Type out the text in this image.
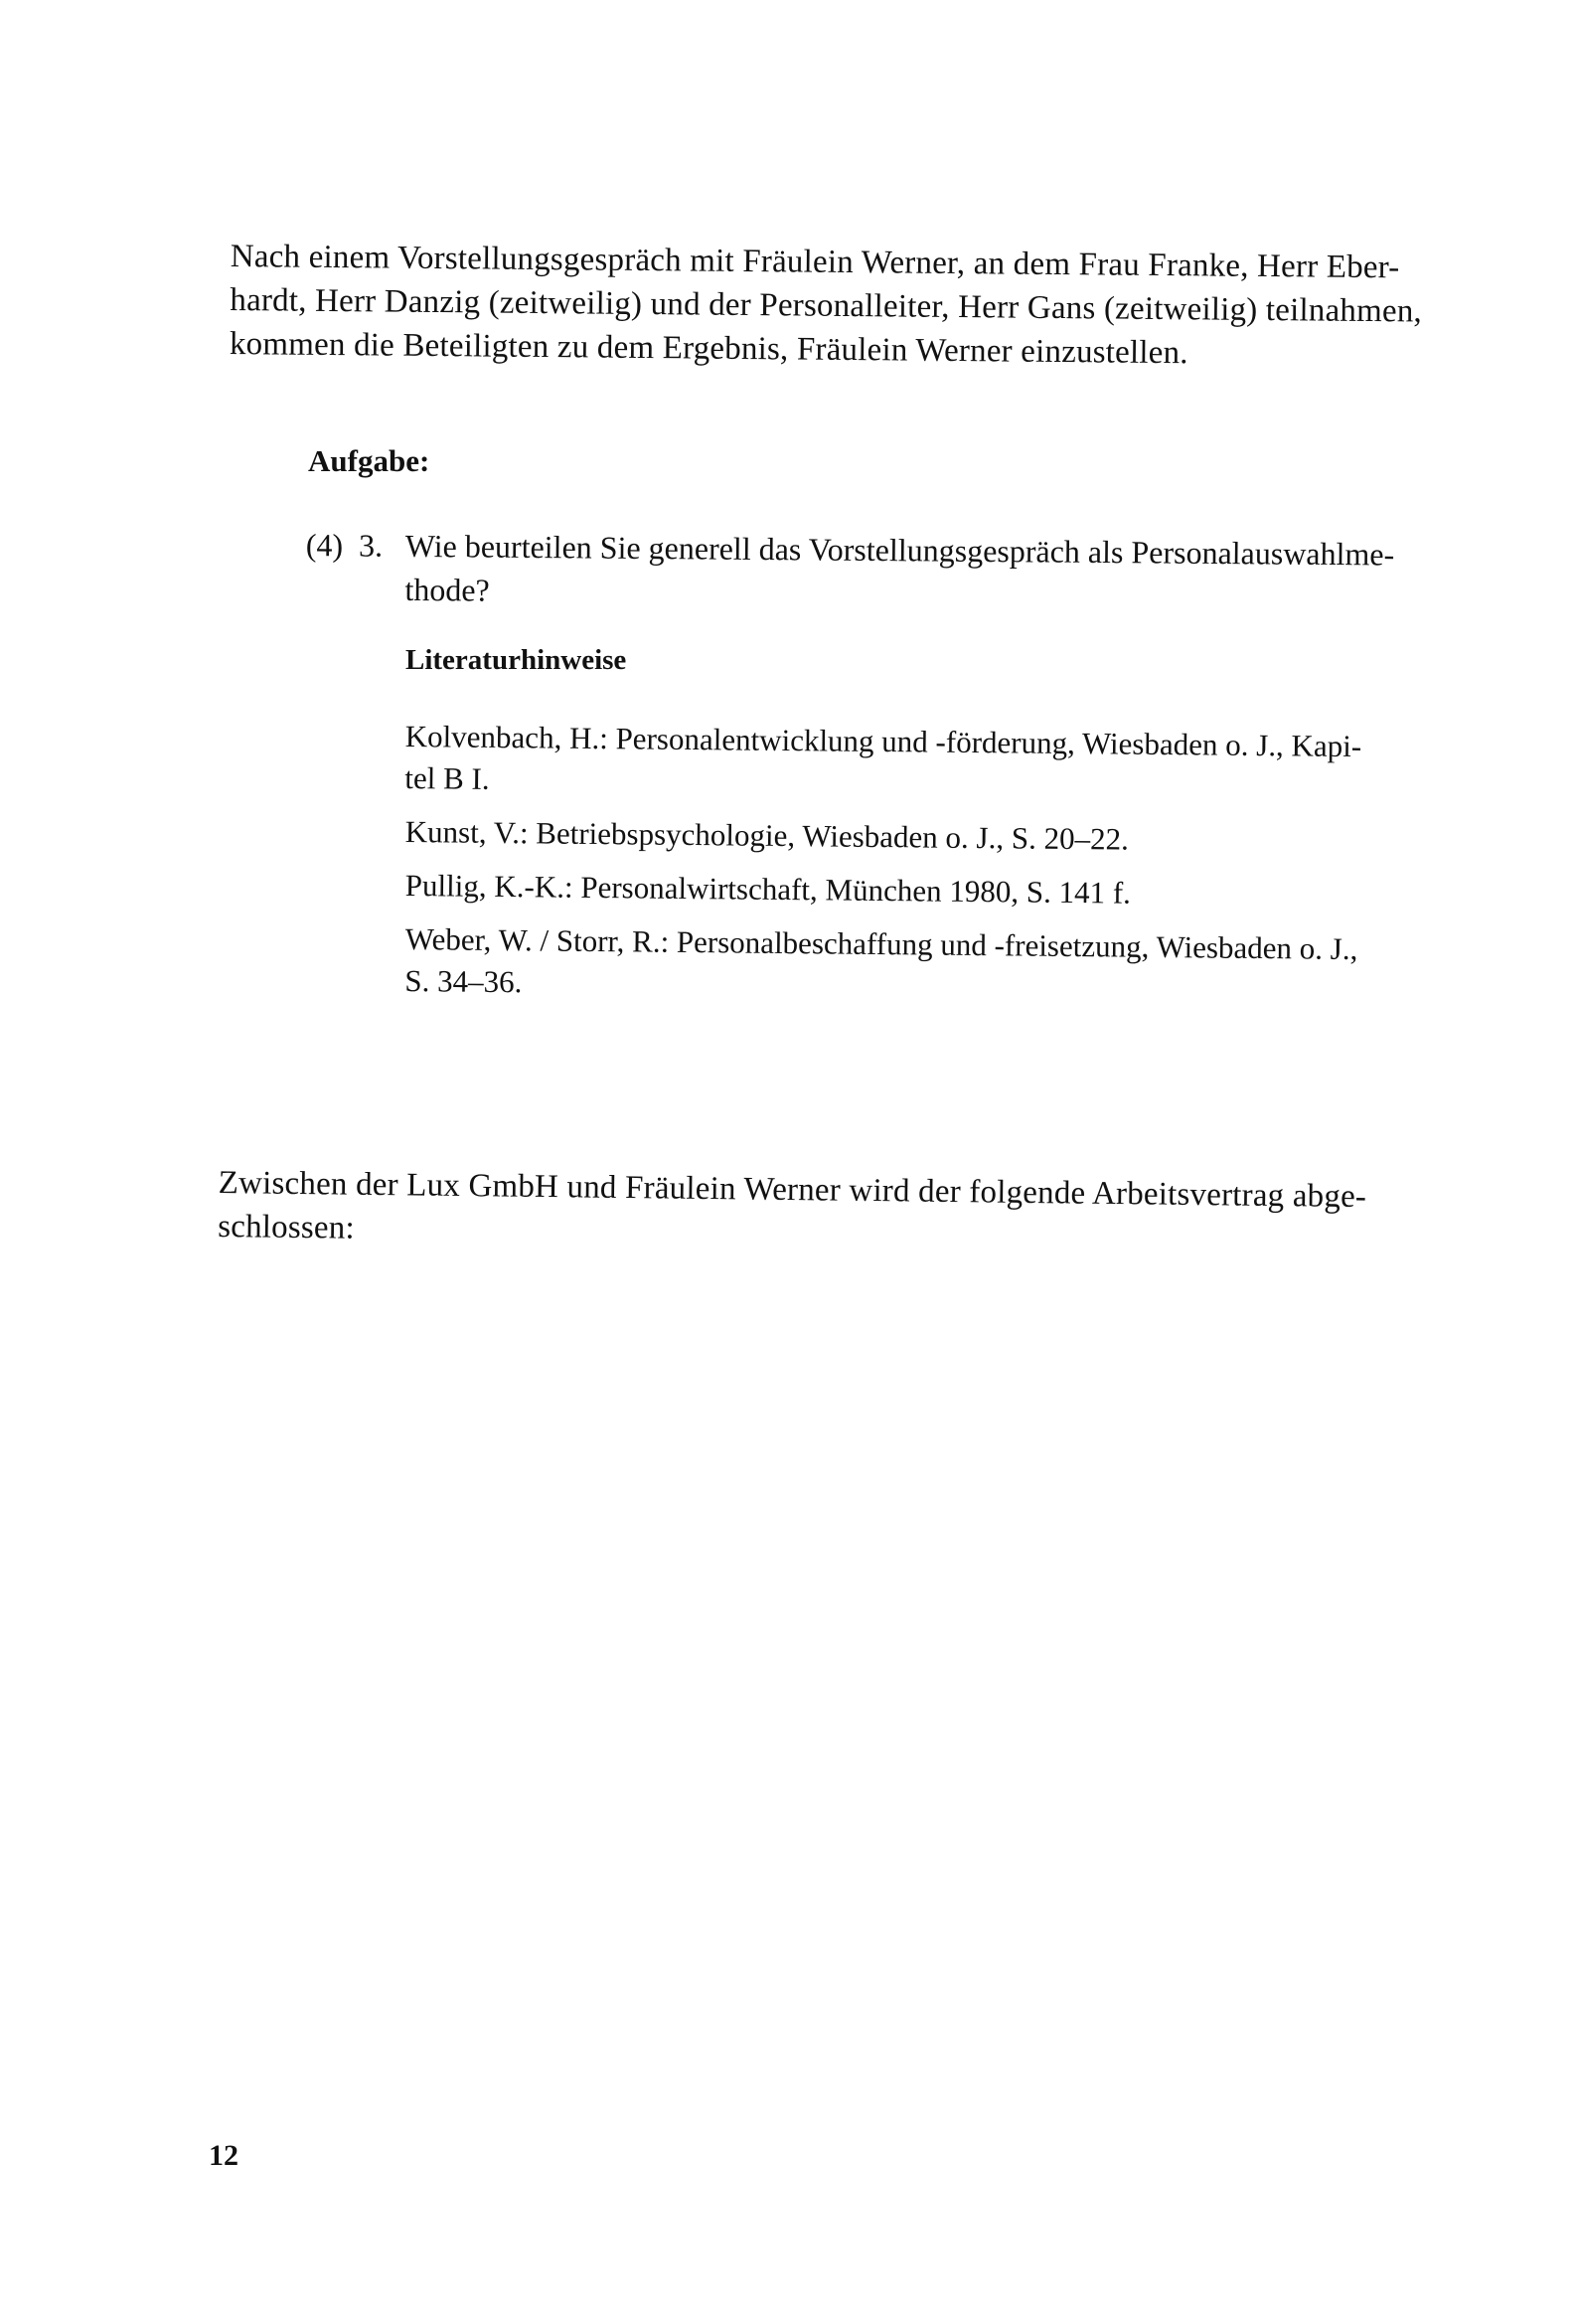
Nach einem Vorstellungsgespräch mit Fräulein Werner, an dem Frau Franke, Herr Eber-
hardt, Herr Danzig (zeitweilig) und der Personalleiter, Herr Gans (zeitweilig) teilnahmen,
kommen die Beteiligten zu dem Ergebnis, Fräulein Werner einzustellen.
Aufgabe:
(4) 3. Wie beurteilen Sie generell das Vorstellungsgespräch als Personalauswahlme-
thode?
Literaturhinweise
Kolvenbach, H.: Personalentwicklung und -förderung, Wiesbaden o. J., Kapi-
tel B I.
Kunst, V.: Betriebspsychologie, Wiesbaden o. J., S. 20–22.
Pullig, K.-K.: Personalwirtschaft, München 1980, S. 141 f.
Weber, W. / Storr, R.: Personalbeschaffung und -freisetzung, Wiesbaden o. J.,
S. 34–36.
Zwischen der Lux GmbH und Fräulein Werner wird der folgende Arbeitsvertrag abge-
schlossen:
12
